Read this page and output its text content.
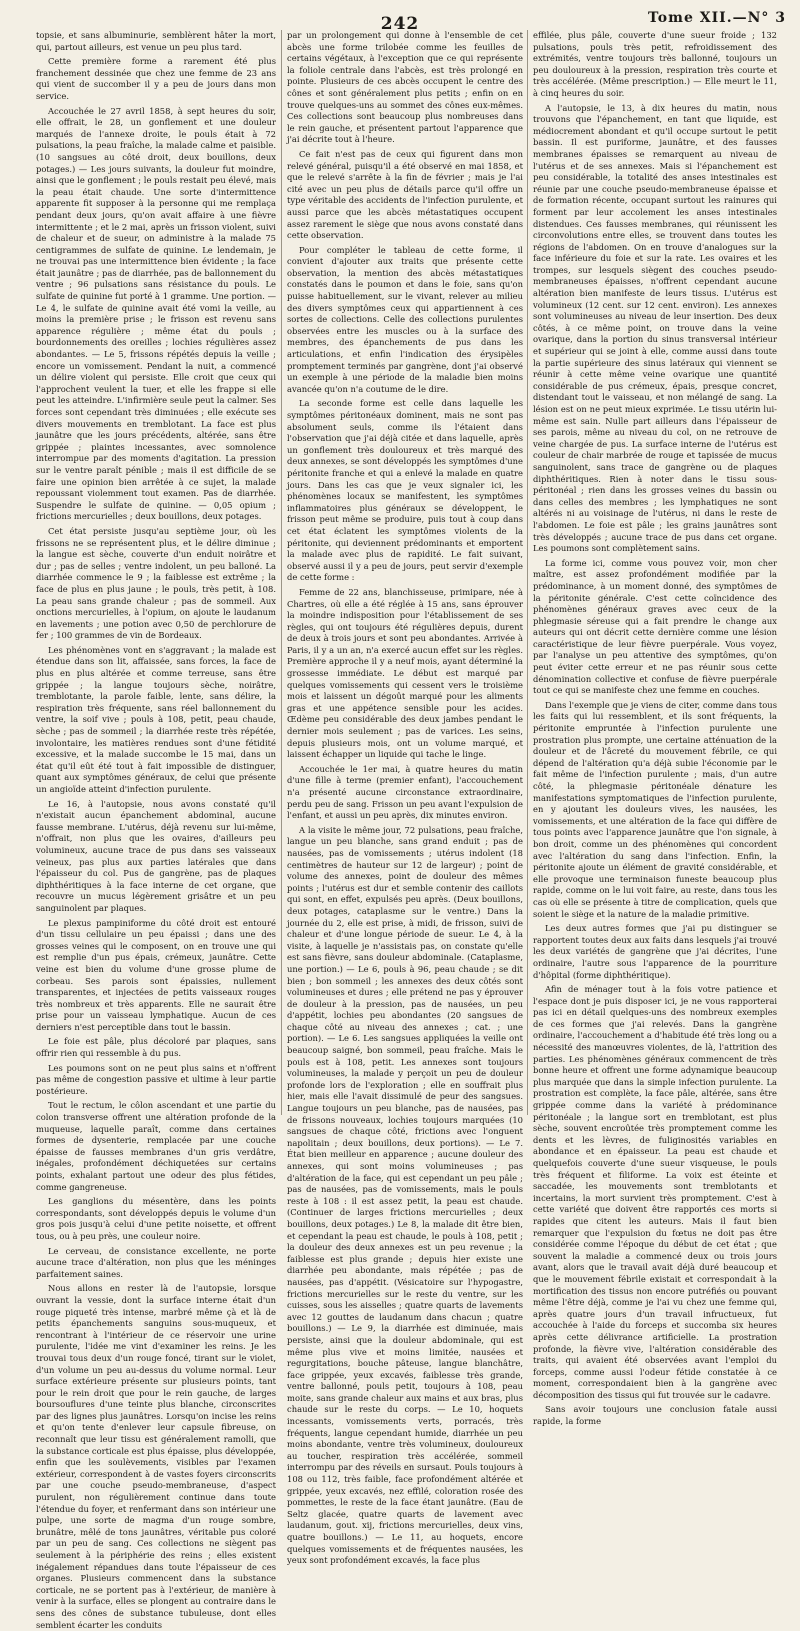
242	Tome XII.—N° 3

topsie, et sans albuminurie, semblèrent hâter la mort, qui, partout ailleurs, est venue un peu plus tard.

Cette première forme a rarement été plus franchement dessinée que chez une femme de 23 ans qui vient de succomber il y a peu de jours dans mon service.

Accouchée le 27 avril 1858, à sept heures du soir, elle offrait, le 28, un gonflement et une douleur marqués de l'annexe droite, le pouls était à 72 pulsations, la peau fraîche, la malade calme et paisible. (10 sangsues au côté droit, deux bouillons, deux potages.) — Les jours suivants, la douleur fut moindre, ainsi que le gonflement ; le pouls restait peu élevé, mais la peau était chaude. Une sorte d'intermittence apparente fit supposer à la personne qui me remplaça pendant deux jours, qu'on avait affaire à une fièvre intermittente ; et le 2 mai, après un frisson violent, suivi de chaleur et de sueur, on administre à la malade 75 centigrammes de sulfate de quinine. Le lendemain, je ne trouvai pas une intermittence bien évidente ; la face était jaunâtre ; pas de diarrhée, pas de ballonnement du ventre ; 96 pulsations sans résistance du pouls. Le sulfate de quinine fut porté à 1 gramme. Une portion. — Le 4, le sulfate de quinine avait été vomi la veille, au moins la première prise ; le frisson est revenu sans apparence régulière ; même état du pouls ; bourdonnements des oreilles ; lochies régulières assez abondantes. — Le 5, frissons répétés depuis la veille ; encore un vomissement. Pendant la nuit, a commencé un délire violent qui persiste. Elle croit que ceux qui l'approchent veulent la tuer, et elle les frappe si elle peut les atteindre. L'infirmière seule peut la calmer. Ses forces sont cependant très diminuées ; elle exécute ses divers mouvements en tremblotant. La face est plus jaunâtre que les jours précédents, altérée, sans être grippée ; plaintes incessantes, avec somnolence interrompue par des moments d'agitation. La pression sur le ventre paraît pénible ; mais il est difficile de se faire une opinion bien arrêtée à ce sujet, la malade repoussant violemment tout examen. Pas de diarrhée. Suspendre le sulfate de quinine. — 0,05 opium ; frictions mercurielles ; deux bouillons, deux potages.

Cet état persiste jusqu'au septième jour, où les frissons ne se représentent plus, et le délire diminue ; la langue est sèche, couverte d'un enduit noirâtre et dur ; pas de selles ; ventre indolent, un peu balloné. La diarrhée commence le 9 ; la faiblesse est extrême ; la face de plus en plus jaune ; le pouls, très petit, à 108. La peau sans grande chaleur ; pas de sommeil. Aux onctions mercurielles, à l'opium, on ajoute le laudanum en lavements ; une potion avec 0,50 de perchlorure de fer ; 100 grammes de vin de Bordeaux.

Les phénomènes vont en s'aggravant ; la malade est étendue dans son lit, affaissée, sans forces, la face de plus en plus altérée et comme terreuse, sans être grippée ; la langue toujours sèche, noirâtre, tremblotante, la parole faible, lente, sans délire, la respiration très fréquente, sans réel ballonnement du ventre, la soif vive ; pouls à 108, petit, peau chaude, sèche ; pas de sommeil ; la diarrhée reste très répétée, involontaire, les matières rendues sont d'une fétidité excessive, et la malade succombe le 15 mai, dans un état qu'il eût été tout à fait impossible de distinguer, quant aux symptômes généraux, de celui que présente un angioïde atteint d'infection purulente.

Le 16, à l'autopsie, nous avons constaté qu'il n'existait aucun épanchement abdominal, aucune fausse membrane. L'utérus, déjà revenu sur lui-même, n'offrait, non plus que les ovaires, d'ailleurs peu volumineux, aucune trace de pus dans ses vaisseaux veineux, pas plus aux parties latérales que dans l'épaisseur du col. Pus de gangrène, pas de plaques diphthéritiques à la face interne de cet organe, que recouvre un mucus légèrement grisâtre et un peu sanguinolent par plaques.

Le plexus pampiniforme du côté droit est entouré d'un tissu cellulaire un peu épaissi ; dans une des grosses veines qui le composent, on en trouve une qui est remplie d'un pus épais, crémeux, jaunâtre. Cette veine est bien du volume d'une grosse plume de corbeau. Ses parois sont épaissies, nullement transparentes, et injectées de petits vaisseaux rouges très nombreux et très apparents. Elle ne saurait être prise pour un vaisseau lymphatique. Aucun de ces derniers n'est perceptible dans tout le bassin.

Le foie est pâle, plus décoloré par plaques, sans offrir rien qui ressemble à du pus.

Les poumons sont on ne peut plus sains et n'offrent pas même de congestion passive et ultime à leur partie postérieure.

Tout le rectum, le côlon ascendant et une partie du colon transverse offrent une altération profonde de la muqueuse, laquelle paraît, comme dans certaines formes de dysenterie, remplacée par une couche épaisse de fausses membranes d'un gris verdâtre, inégales, profondément déchiquetées sur certains points, exhalant partout une odeur des plus fétides, comme gangreneuse.

Les ganglions du mésentère, dans les points correspondants, sont développés depuis le volume d'un gros pois jusqu'à celui d'une petite noisette, et offrent tous, ou à peu près, une couleur noire.

Le cerveau, de consistance excellente, ne porte aucune trace d'altération, non plus que les méninges parfaitement saines.

Nous allons en rester là de l'autopsie, lorsque ouvrant la vessie, dont la surface interne était d'un rouge piqueté très intense, marbré même çà et là de petits épanchements sanguins sous-muqueux, et rencontrant à l'intérieur de ce réservoir une urine purulente, l'idée me vint d'examiner les reins. Je les trouvai tous deux d'un rouge foncé, tirant sur le violet, d'un volume un peu au-dessus du volume normal. Leur surface extérieure présente sur plusieurs points, tant pour le rein droit que pour le rein gauche, de larges boursouflures d'une teinte plus blanche, circonscrites par des lignes plus jaunâtres. Lorsqu'on incise les reins et qu'on tente d'enlever leur capsule fibreuse, on reconnaît que leur tissu est généralement ramolli, que la substance corticale est plus épaisse, plus développée, enfin que les soulèvements, visibles par l'examen extérieur, correspondent à de vastes foyers circonscrits par une couche pseudo-membraneuse, d'aspect purulent, non régulièrement continue dans toute l'étendue du foyer, et renfermant dans son intérieur une pulpe, une sorte de magma d'un rouge sombre, brunâtre, mêlé de tons jaunâtres, véritable pus coloré par un peu de sang. Ces collections ne siègent pas seulement à la périphérie des reins ; elles existent inégalement répandues dans toute l'épaisseur de ces organes. Plusieurs commencent dans la substance corticale, ne se portent pas à l'extérieur, de manière à venir à la surface, elles se plongent au contraire dans le sens des cônes de substance tubuleuse, dont elles semblent écarter les conduits

par un prolongement qui donne à l'ensemble de cet abcès une forme trilobée comme les feuilles de certains végétaux, à l'exception que ce qui représente la foliole centrale dans l'abcès, est très prolongé en pointe. Plusieurs de ces abcès occupent le centre des cônes et sont généralement plus petits ; enfin on en trouve quelques-uns au sommet des cônes eux-mêmes. Ces collections sont beaucoup plus nombreuses dans le rein gauche, et présentent partout l'apparence que j'ai décrite tout à l'heure.

Ce fait n'est pas de ceux qui figurent dans mon relevé général, puisqu'il a été observé en mai 1858, et que le relevé s'arrête à la fin de février ; mais je l'ai cité avec un peu plus de détails parce qu'il offre un type véritable des accidents de l'infection purulente, et aussi parce que les abcès métastatiques occupent assez rarement le siège que nous avons constaté dans cette observation.

Pour compléter le tableau de cette forme, il convient d'ajouter aux traits que présente cette observation, la mention des abcès métastatiques constatés dans le poumon et dans le foie, sans qu'on puisse habituellement, sur le vivant, relever au milieu des divers symptômes ceux qui appartiennent à ces sortes de collections. Celle des collections purulentes observées entre les muscles ou à la surface des membres, des épanchements de pus dans les articulations, et enfin l'indication des érysipèles promptement terminés par gangrène, dont j'ai observé un exemple à une période de la maladie bien moins avancée qu'on n'a coutume de le dire.

La seconde forme est celle dans laquelle les symptômes péritonéaux dominent, mais ne sont pas absolument seuls, comme ils l'étaient dans l'observation que j'ai déjà citée et dans laquelle, après un gonflement très douloureux et très marqué des deux annexes, se sont développés les symptômes d'une péritonite franche et qui a enlevé la malade en quatre jours. Dans les cas que je veux signaler ici, les phénomènes locaux se manifestent, les symptômes inflammatoires plus généraux se développent, le frisson peut même se produire, puis tout à coup dans cet état éclatent les symptômes violents de la péritonite, qui deviennent prédominants et emportent la malade avec plus de rapidité. Le fait suivant, observé aussi il y a peu de jours, peut servir d'exemple de cette forme :

Femme de 22 ans, blanchisseuse, primipare, née à Chartres, où elle a été réglée à 15 ans, sans éprouver la moindre indisposition pour l'établissement de ses règles, qui ont toujours été régulières depuis, durent de deux à trois jours et sont peu abondantes. Arrivée à Paris, il y a un an, n'a exercé aucun effet sur les règles. Première approche il y a neuf mois, ayant déterminé la grossesse immédiate. Le début est marqué par quelques vomissements qui cessent vers le troisième mois et laissent un dégoût marqué pour les aliments gras et une appétence sensible pour les acides. Œdème peu considérable des deux jambes pendant le dernier mois seulement ; pas de varices. Les seins, depuis plusieurs mois, ont un volume marqué, et laissent échapper un liquide qui tache le linge.

Accouchée le 1er mai, à quatre heures du matin d'une fille à terme (premier enfant), l'accouchement n'a présenté aucune circonstance extraordinaire, perdu peu de sang. Frisson un peu avant l'expulsion de l'enfant, et aussi un peu après, dix minutes environ.

A la visite le même jour, 72 pulsations, peau fraîche, langue un peu blanche, sans grand enduit ; pas de nausées, pas de vomissements ; utérus indolent (18 centimètres de hauteur sur 12 de largeur) ; point de volume des annexes, point de douleur des mêmes points ; l'utérus est dur et semble contenir des caillots qui sont, en effet, expulsés peu après. (Deux bouillons, deux potages, cataplasme sur le ventre.) Dans la journée du 2, elle est prise, à midi, de frisson, suivi de chaleur et d'une longue période de sueur. Le 4, à la visite, à laquelle je n'assistais pas, on constate qu'elle est sans fièvre, sans douleur abdominale. (Cataplasme, une portion.) — Le 6, pouls à 96, peau chaude ; se dit bien ; bon sommeil ; les annexes des deux côtés sont volumineuses et dures ; elle prétend ne pas y éprouver de douleur à la pression, pas de nausées, un peu d'appétit, lochies peu abondantes (20 sangsues de chaque côté au niveau des annexes ; cat. ; une portion). — Le 6. Les sangsues appliquées la veille ont beaucoup saigné, bon sommeil, peau fraîche. Mais le pouls est à 108, petit. Les annexes sont toujours volumineuses, la malade y perçoit un peu de douleur profonde lors de l'exploration ; elle en souffrait plus hier, mais elle l'avait dissimulé de peur des sangsues. Langue toujours un peu blanche, pas de nausées, pas de frissons nouveaux, lochies toujours marquées (10 sangsues de chaque côté, frictions avec l'onguent napolitain ; deux bouillons, deux portions). — Le 7. État bien meilleur en apparence ; aucune douleur des annexes, qui sont moins volumineuses ; pas d'altération de la face, qui est cependant un peu pâle ; pas de nausées, pas de vomissements, mais le pouls reste à 108 : il est assez petit, la peau est chaude. (Continuer de larges frictions mercurielles ; deux bouillons, deux potages.) Le 8, la malade dit être bien, et cependant la peau est chaude, le pouls à 108, petit ; la douleur des deux annexes est un peu revenue ; la faiblesse est plus grande ; depuis hier existe une diarrhée peu abondante, mais répétée ; pas de nausées, pas d'appétit. (Vésicatoire sur l'hypogastre, frictions mercurielles sur le reste du ventre, sur les cuisses, sous les aisselles ; quatre quarts de lavements avec 12 gouttes de laudanum dans chacun ; quatre bouillons.) — Le 9, la diarrhée est diminuée, mais persiste, ainsi que la douleur abdominale, qui est même plus vive et moins limitée, nausées et regurgitations, bouche pâteuse, langue blanchâtre, face grippée, yeux excavés, faiblesse très grande, ventre ballonné, pouls petit, toujours à 108, peau moite, sans grande chaleur aux mains et aux bras, plus chaude sur le reste du corps. — Le 10, hoquets incessants, vomissements verts, porracés, très fréquents, langue cependant humide, diarrhée un peu moins abondante, ventre très volumineux, douloureux au toucher, respiration très accélérée, sommeil interrompu par des réveils en sursaut. Pouls toujours à 108 ou 112, très faible, face profondément altérée et grippée, yeux excavés, nez effilé, coloration rosée des pommettes, le reste de la face étant jaunâtre. (Eau de Seltz glacée, quatre quarts de lavement avec laudanum, gout. xij, frictions mercurielles, deux vins, quatre bouillons.) — Le 11, au hoquets, encore quelques vomissements et de fréquentes nausées, les yeux sont profondément excavés, la face plus

effilée, plus pâle, couverte d'une sueur froide ; 132 pulsations, pouls très petit, refroidissement des extrémités, ventre toujours très ballonné, toujours un peu douloureux à la pression, respiration très courte et très accélérée. (Même prescription.) — Elle meurt le 11, à cinq heures du soir.

A l'autopsie, le 13, à dix heures du matin, nous trouvons que l'épanchement, en tant que liquide, est médiocrement abondant et qu'il occupe surtout le petit bassin. Il est puriforme, jaunâtre, et des fausses membranes épaisses se remarquent au niveau de l'utérus et de ses annexes. Mais si l'épanchement est peu considérable, la totalité des anses intestinales est réunie par une couche pseudo-membraneuse épaisse et de formation récente, occupant surtout les rainures qui forment par leur accolement les anses intestinales distendues. Ces fausses membranes, qui réunissent les circonvolutions entre elles, se trouvent dans toutes les régions de l'abdomen. On en trouve d'analogues sur la face inférieure du foie et sur la rate. Les ovaires et les trompes, sur lesquels siègent des couches pseudo-membraneuses épaisses, n'offrent cependant aucune altération bien manifeste de leurs tissus. L'utérus est volumineux (12 cent. sur 12 cent. environ). Les annexes sont volumineuses au niveau de leur insertion. Des deux côtés, à ce même point, on trouve dans la veine ovarique, dans la portion du sinus transversal intérieur et supérieur qui se joint à elle, comme aussi dans toute la partie supérieure des sinus latéraux qui viennent se réunir à cette même veine ovarique une quantité considérable de pus crémeux, épais, presque concret, distendant tout le vaisseau, et non mélangé de sang. La lésion est on ne peut mieux exprimée. Le tissu utérin lui-même est sain. Nulle part ailleurs dans l'épaisseur de ses parois, même au niveau du col, on ne retrouve de veine chargée de pus. La surface interne de l'utérus est couleur de chair marbrée de rouge et tapissée de mucus sanguinolent, sans trace de gangrène ou de plaques diphthéritiques. Rien à noter dans le tissu sous-péritonéal ; rien dans les grosses veines du bassin ou dans celles des membres ; les lymphatiques ne sont altérés ni au voisinage de l'utérus, ni dans le reste de l'abdomen. Le foie est pâle ; les grains jaunâtres sont très développés ; aucune trace de pus dans cet organe. Les poumons sont complètement sains.

La forme ici, comme vous pouvez voir, mon cher maître, est assez profondément modifiée par la prédominance, à un moment donné, des symptômes de la péritonite générale. C'est cette coïncidence des phénomènes généraux graves avec ceux de la phlegmasie séreuse qui a fait prendre le change aux auteurs qui ont décrit cette dernière comme une lésion caractéristique de leur fièvre puerpérale. Vous voyez, par l'analyse un peu attentive des symptômes, qu'on peut éviter cette erreur et ne pas réunir sous cette dénomination collective et confuse de fièvre puerpérale tout ce qui se manifeste chez une femme en couches.

Dans l'exemple que je viens de citer, comme dans tous les faits qui lui ressemblent, et ils sont fréquents, la péritonite empruntée à l'infection purulente une prostration plus prompte, une certaine atténuation de la douleur et de l'âcreté du mouvement fébrile, ce qui dépend de l'altération qu'a déjà subie l'économie par le fait même de l'infection purulente ; mais, d'un autre côté, la phlegmasie péritonéale dénature les manifestations symptomatiques de l'infection purulente, en y ajoutant les douleurs vives, les nausées, les vomissements, et une altération de la face qui diffère de tous points avec l'apparence jaunâtre que l'on signale, à bon droit, comme un des phénomènes qui concordent avec l'altération du sang dans l'infection. Enfin, la péritonite ajoute un élément de gravité considérable, et elle provoque une terminaison funeste beaucoup plus rapide, comme on le lui voit faire, au reste, dans tous les cas où elle se présente à titre de complication, quels que soient le siège et la nature de la maladie primitive.

Les deux autres formes que j'ai pu distinguer se rapportent toutes deux aux faits dans lesquels j'ai trouvé les deux variétés de gangrène que j'ai décrites, l'une ordinaire, l'autre sous l'apparence de la pourriture d'hôpital (forme diphthéritique).

Afin de ménager tout à la fois votre patience et l'espace dont je puis disposer ici, je ne vous rapporterai pas ici en détail quelques-uns des nombreux exemples de ces formes que j'ai relevés. Dans la gangrène ordinaire, l'accouchement a d'habitude été très long ou a nécessité des manœuvres violentes, de là, l'attrition des parties. Les phénomènes généraux commencent de très bonne heure et offrent une forme adynamique beaucoup plus marquée que dans la simple infection purulente. La prostration est complète, la face pâle, altérée, sans être grippée comme dans la variété à prédominance péritonéale ; la langue sort en tremblotant, est plus sèche, souvent encroûtée très promptement comme les dents et les lèvres, de fuliginosités variables en abondance et en épaisseur. La peau est chaude et quelquefois couverte d'une sueur visqueuse, le pouls très fréquent et filiforme. La voix est éteinte et saccadée, les mouvements sont tremblotants et incertains, la mort survient très promptement. C'est à cette variété que doivent être rapportés ces morts si rapides que citent les auteurs. Mais il faut bien remarquer que l'expulsion du fœtus ne doit pas être considérée comme l'époque du début de cet état ; que souvent la maladie a commencé deux ou trois jours avant, alors que le travail avait déjà duré beaucoup et que le mouvement fébrile existait et correspondait à la mortification des tissus non encore putréfiés ou pouvant même l'être déjà, comme je l'ai vu chez une femme qui, après quatre jours d'un travail infructueux, fut accouchée à l'aide du forceps et succomba six heures après cette délivrance artificielle. La prostration profonde, la fièvre vive, l'altération considérable des traits, qui avaient été observées avant l'emploi du forceps, comme aussi l'odeur fétide constatée à ce moment, correspondaient bien à la gangrène avec décomposition des tissus qui fut trouvée sur le cadavre.

Sans avoir toujours une conclusion fatale aussi rapide, la forme
